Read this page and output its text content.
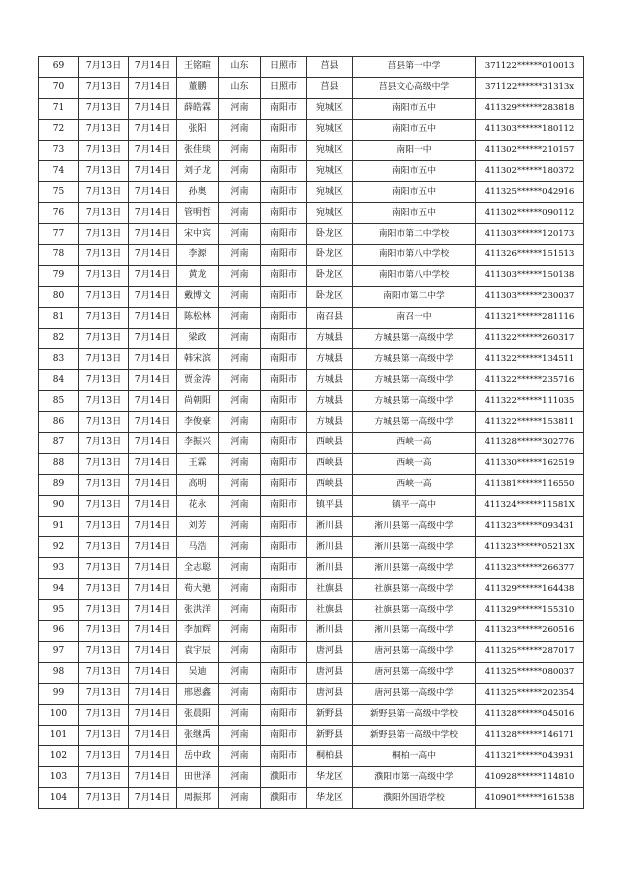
69	7月13日	7月14日	王铭暄	山东	日照市	莒县	莒县第一中学	371122******010013
70	7月13日	7月14日	董鹏	山东	日照市	莒县	莒县文心高级中学	371122******31313x
71	7月13日	7月14日	薛皓霖	河南	南阳市	宛城区	南阳市五中	411329******283818
72	7月13日	7月14日	张阳	河南	南阳市	宛城区	南阳市五中	411303******180112
73	7月13日	7月14日	张佳琰	河南	南阳市	宛城区	南阳一中	411302******210157
74	7月13日	7月14日	刘子龙	河南	南阳市	宛城区	南阳市五中	411302******180372
75	7月13日	7月14日	孙奥	河南	南阳市	宛城区	南阳市五中	411325******042916
76	7月13日	7月14日	管明哲	河南	南阳市	宛城区	南阳市五中	411302******090112
77	7月13日	7月14日	宋中宾	河南	南阳市	卧龙区	南阳市第二中学校	411303******120173
78	7月13日	7月14日	李源	河南	南阳市	卧龙区	南阳市第八中学校	411326******151513
79	7月13日	7月14日	黄龙	河南	南阳市	卧龙区	南阳市第八中学校	411303******150138
80	7月13日	7月14日	戴博文	河南	南阳市	卧龙区	南阳市第二中学	411303******230037
81	7月13日	7月14日	陈松林	河南	南阳市	南召县	南召一中	411321******281116
82	7月13日	7月14日	梁政	河南	南阳市	方城县	方城县第一高级中学	411322******260317
83	7月13日	7月14日	韩宋滨	河南	南阳市	方城县	方城县第一高级中学	411322******134511
84	7月13日	7月14日	贾金涛	河南	南阳市	方城县	方城县第一高级中学	411322******235716
85	7月13日	7月14日	尚朝阳	河南	南阳市	方城县	方城县第一高级中学	411322******111035
86	7月13日	7月14日	李俊豪	河南	南阳市	方城县	方城县第一高级中学	411322******153811
87	7月13日	7月14日	李振兴	河南	南阳市	西峡县	西峡一高	411328******302776
88	7月13日	7月14日	王霖	河南	南阳市	西峡县	西峡一高	411330******162519
89	7月13日	7月14日	高明	河南	南阳市	西峡县	西峡一高	411381******116550
90	7月13日	7月14日	花永	河南	南阳市	镇平县	镇平一高中	411324******11581X
91	7月13日	7月14日	刘芳	河南	南阳市	淅川县	淅川县第一高级中学	411323******093431
92	7月13日	7月14日	马浩	河南	南阳市	淅川县	淅川县第一高级中学	411323******05213X
93	7月13日	7月14日	全志聪	河南	南阳市	淅川县	淅川县第一高级中学	411323******266377
94	7月13日	7月14日	荀大驰	河南	南阳市	社旗县	社旗县第一高级中学	411329******164438
95	7月13日	7月14日	张洪洋	河南	南阳市	社旗县	社旗县第一高级中学	411329******155310
96	7月13日	7月14日	李加辉	河南	南阳市	淅川县	淅川县第一高级中学	411323******260516
97	7月13日	7月14日	袁宇辰	河南	南阳市	唐河县	唐河县第一高级中学	411325******287017
98	7月13日	7月14日	吴迪	河南	南阳市	唐河县	唐河县第一高级中学	411325******080037
99	7月13日	7月14日	邢恩鑫	河南	南阳市	唐河县	唐河县第一高级中学	411325******202354
100	7月13日	7月14日	张晨阳	河南	南阳市	新野县	新野县第一高级中学校	411328******045016
101	7月13日	7月14日	张继禹	河南	南阳市	新野县	新野县第一高级中学校	411328******146171
102	7月13日	7月14日	岳中政	河南	南阳市	桐柏县	桐柏一高中	411321******043931
103	7月13日	7月14日	田世泽	河南	濮阳市	华龙区	濮阳市第一高级中学	410928******114810
104	7月13日	7月14日	周振邦	河南	濮阳市	华龙区	濮阳外国语学校	410901******161538
